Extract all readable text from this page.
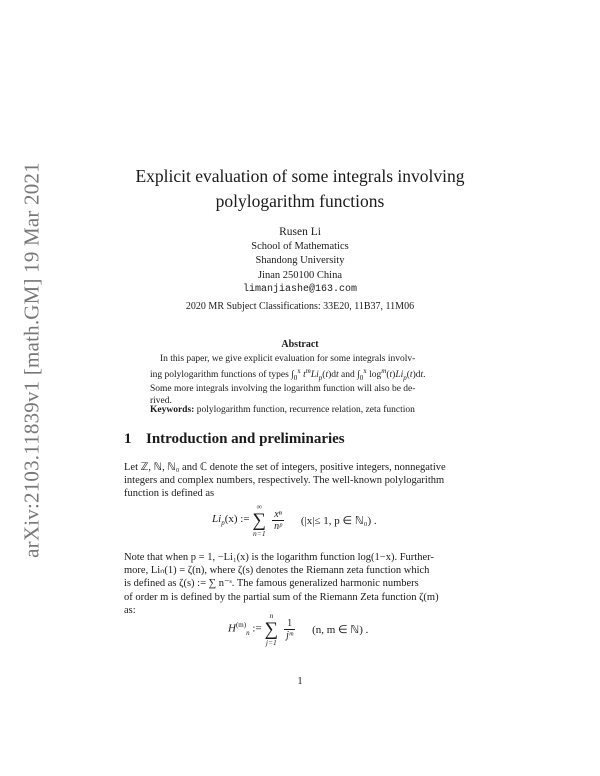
arXiv:2103.11839v1 [math.GM] 19 Mar 2021	Explicit evaluation of some integrals involving
polylogarithm functions
Rusen Li
School of Mathematics
Shandong University
Jinan 250100 China
limanjiashe@163.com
2020 MR Subject Classifications: 33E20, 11B37, 11M06
Abstract

In this paper, we give explicit evaluation for some integrals involv-

ing polylogarithm functions of types $\int_0^x$ $t^mLi_p(t)dt$ and $\int_0^x$ $\log^m(t)Li_p(t)dt$.
Some more integrals involving the logarithm function will also be de-
rived.
Keywords: polylogarithm function, recurrence relation, zeta function
1 Introduction and preliminaries
Let ℤ, ℕ, ℕ₀ and ℂ denote the set of integers, positive integers, nonnegative
integers and complex numbers, respectively. The well-known polylogarithm
function is defined as
$Li_p(x)$ :=
∞
∑
n=1
$\frac{\text{xⁿ}}{\text{nᵖ}} (|x|\le 1$, p ∈ ℕ₀) .
Note that when p = 1, −Li₁(x) is the logarithm function log(1−x). Further-
more, Liₙ(1) = ζ(n), where ζ(s) denotes the Riemann zeta function which
is defined as ζ(s) := ∑ n⁻ˢ. The famous generalized harmonic numbers
of order m is defined by the partial sum of the Riemann Zeta function ζ(m)
as:
$H^{(m)}_n$ :=
n
∑
j=1
$\frac{1}{\text{jᵐ}} (n$, m ∈ ℕ) .
1
